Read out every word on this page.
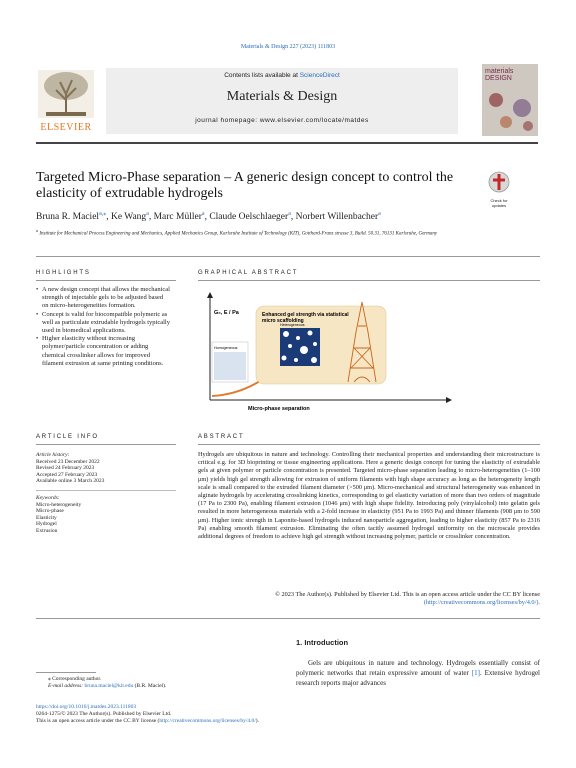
Materials & Design 227 (2023) 111803
ELSEVIER
Contents lists available at ScienceDirect
Materials & Design
journal homepage: www.elsevier.com/locate/matdes
materials DESIGN
Targeted Micro-Phase separation – A generic design concept to control the elasticity of extrudable hydrogels	Check for updates
Bruna R. Maciel$^{a,⁎}$, Ke Wang$^a$, Marc Müller$^a$, Claude Oelschlaeger$^a$, Norbert Willenbacher$^a$
$^a$ Institute for Mechanical Process Engineering and Mechanics, Applied Mechanics Group, Karlsruhe Institute of Technology (KIT), Gotthard-Franz strasse 3, Build. 50.31, 76131 Karlsruhe, Germany
HIGHLIGHTS
• A new design concept that allows the mechanical strength of injectable gels to be adjusted based on micro-heterogeneities formation.
• Concept is valid for biocompatible polymeric as well as particulate extrudable hydrogels typically used in biomedical applications.
• Higher elasticity without increasing polymer/particle concentration or adding chemical crosslinker allows for improved filament extrusion at same printing conditions.
GRAPHICAL ABSTRACT
G₀, E / Pa
Micro-phase separation
Homogeneous
Enhanced gel strength via statistical micro scaffolding
Heterogeneous
ARTICLE INFO
Article history:
Received 23 December 2022
Revised 24 February 2023
Accepted 27 February 2023
Available online 3 March 2023
Keywords:
Micro-heterogeneity
Micro-phase
Elasticity
Hydrogel
Extrusion
ABSTRACT
Hydrogels are ubiquitous in nature and technology. Controlling their mechanical properties and understanding their microstructure is critical e.g. for 3D bioprinting or tissue engineering applications. Here a generic design concept for tuning the elasticity of extrudable gels at given polymer or particle concentration is presented. Targeted micro-phase separation leading to micro-heterogeneities (1–100 μm) yields high gel strength allowing for extrusion of uniform filaments with high shape accuracy as long as the heterogeneity length scale is small compared to the extruded filament diameter (>500 μm). Micro-mechanical and structural heterogeneity was enhanced in alginate hydrogels by accelerating crosslinking kinetics, corresponding to gel elasticity variation of more than two orders of magnitude (17 Pa to 2300 Pa), enabling filament extrusion (1046 μm) with high shape fidelity. Introducing poly (vinylalcohol) into gelatin gels resulted in more heterogeneous materials with a 2-fold increase in elasticity (951 Pa to 1993 Pa) and thinner filaments (908 μm to 590 μm). Higher ionic strength in Laponite-based hydrogels induced nanoparticle aggregation, leading to higher elasticity (857 Pa to 2316 Pa) enabling smooth filament extrusion. Eliminating the often tacitly assumed hydrogel uniformity on the microscale provides additional degrees of freedom to achieve high gel strength without increasing polymer, particle or crosslinker concentration.
© 2023 The Author(s). Published by Elsevier Ltd. This is an open access article under the CC BY license
(http://creativecommons.org/licenses/by/4.0/).
1. Introduction
Gels are ubiquitous in nature and technology. Hydrogels essentially consist of polymeric networks that retain expressive amount of water [1]. Extensive hydrogel research reports major advances
⁎ Corresponding author.
E-mail address: bruna.maciel@kit.edu (B.R. Maciel).
https://doi.org/10.1016/j.matdes.2023.111803
0264-1275/© 2023 The Author(s). Published by Elsevier Ltd.
This is an open access article under the CC BY license (http://creativecommons.org/licenses/by/4.0/).
